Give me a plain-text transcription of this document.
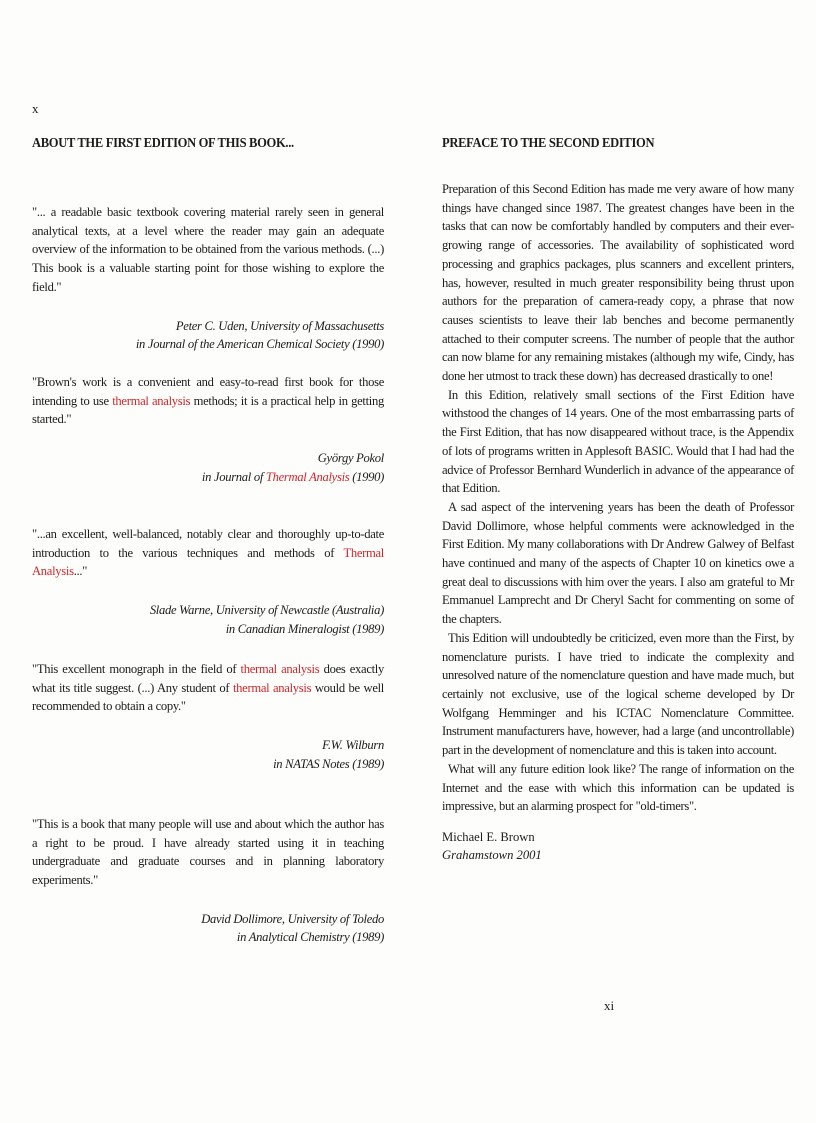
x
xi
ABOUT THE FIRST EDITION OF THIS BOOK...

"... a readable basic textbook covering material rarely seen in general analytical texts, at a level where the reader may gain an adequate overview of the information to be obtained from the various methods. (...) This book is a valuable starting point for those wishing to explore the field."

Peter C. Uden, University of Massachusetts
in Journal of the American Chemical Society (1990)

"Brown's work is a convenient and easy-to-read first book for those intending to use thermal analysis methods; it is a practical help in getting started."

György Pokol
in Journal of Thermal Analysis (1990)

"...an excellent, well-balanced, notably clear and thoroughly up-to-date introduction to the various techniques and methods of Thermal Analysis..."

Slade Warne, University of Newcastle (Australia)
in Canadian Mineralogist (1989)

"This excellent monograph in the field of thermal analysis does exactly what its title suggest. (...) Any student of thermal analysis would be well recommended to obtain a copy."

F.W. Wilburn
in NATAS Notes (1989)

"This is a book that many people will use and about which the author has a right to be proud. I have already started using it in teaching undergraduate and graduate courses and in planning laboratory experiments."

David Dollimore, University of Toledo
in Analytical Chemistry (1989)
PREFACE TO THE SECOND EDITION

Preparation of this Second Edition has made me very aware of how many things have changed since 1987. The greatest changes have been in the tasks that can now be comfortably handled by computers and their ever-growing range of accessories. The availability of sophisticated word processing and graphics packages, plus scanners and excellent printers, has, however, resulted in much greater responsibility being thrust upon authors for the preparation of camera-ready copy, a phrase that now causes scientists to leave their lab benches and become permanently attached to their computer screens. The number of people that the author can now blame for any remaining mistakes (although my wife, Cindy, has done her utmost to track these down) has decreased drastically to one!

In this Edition, relatively small sections of the First Edition have withstood the changes of 14 years. One of the most embarrassing parts of the First Edition, that has now disappeared without trace, is the Appendix of lots of programs written in Applesoft BASIC. Would that I had had the advice of Professor Bernhard Wunderlich in advance of the appearance of that Edition.

A sad aspect of the intervening years has been the death of Professor David Dollimore, whose helpful comments were acknowledged in the First Edition. My many collaborations with Dr Andrew Galwey of Belfast have continued and many of the aspects of Chapter 10 on kinetics owe a great deal to discussions with him over the years. I also am grateful to Mr Emmanuel Lamprecht and Dr Cheryl Sacht for commenting on some of the chapters.

This Edition will undoubtedly be criticized, even more than the First, by nomenclature purists. I have tried to indicate the complexity and unresolved nature of the nomenclature question and have made much, but certainly not exclusive, use of the logical scheme developed by Dr Wolfgang Hemminger and his ICTAC Nomenclature Committee. Instrument manufacturers have, however, had a large (and uncontrollable) part in the development of nomenclature and this is taken into account.

What will any future edition look like? The range of information on the Internet and the ease with which this information can be updated is impressive, but an alarming prospect for "old-timers".

Michael E. Brown
Grahamstown 2001
